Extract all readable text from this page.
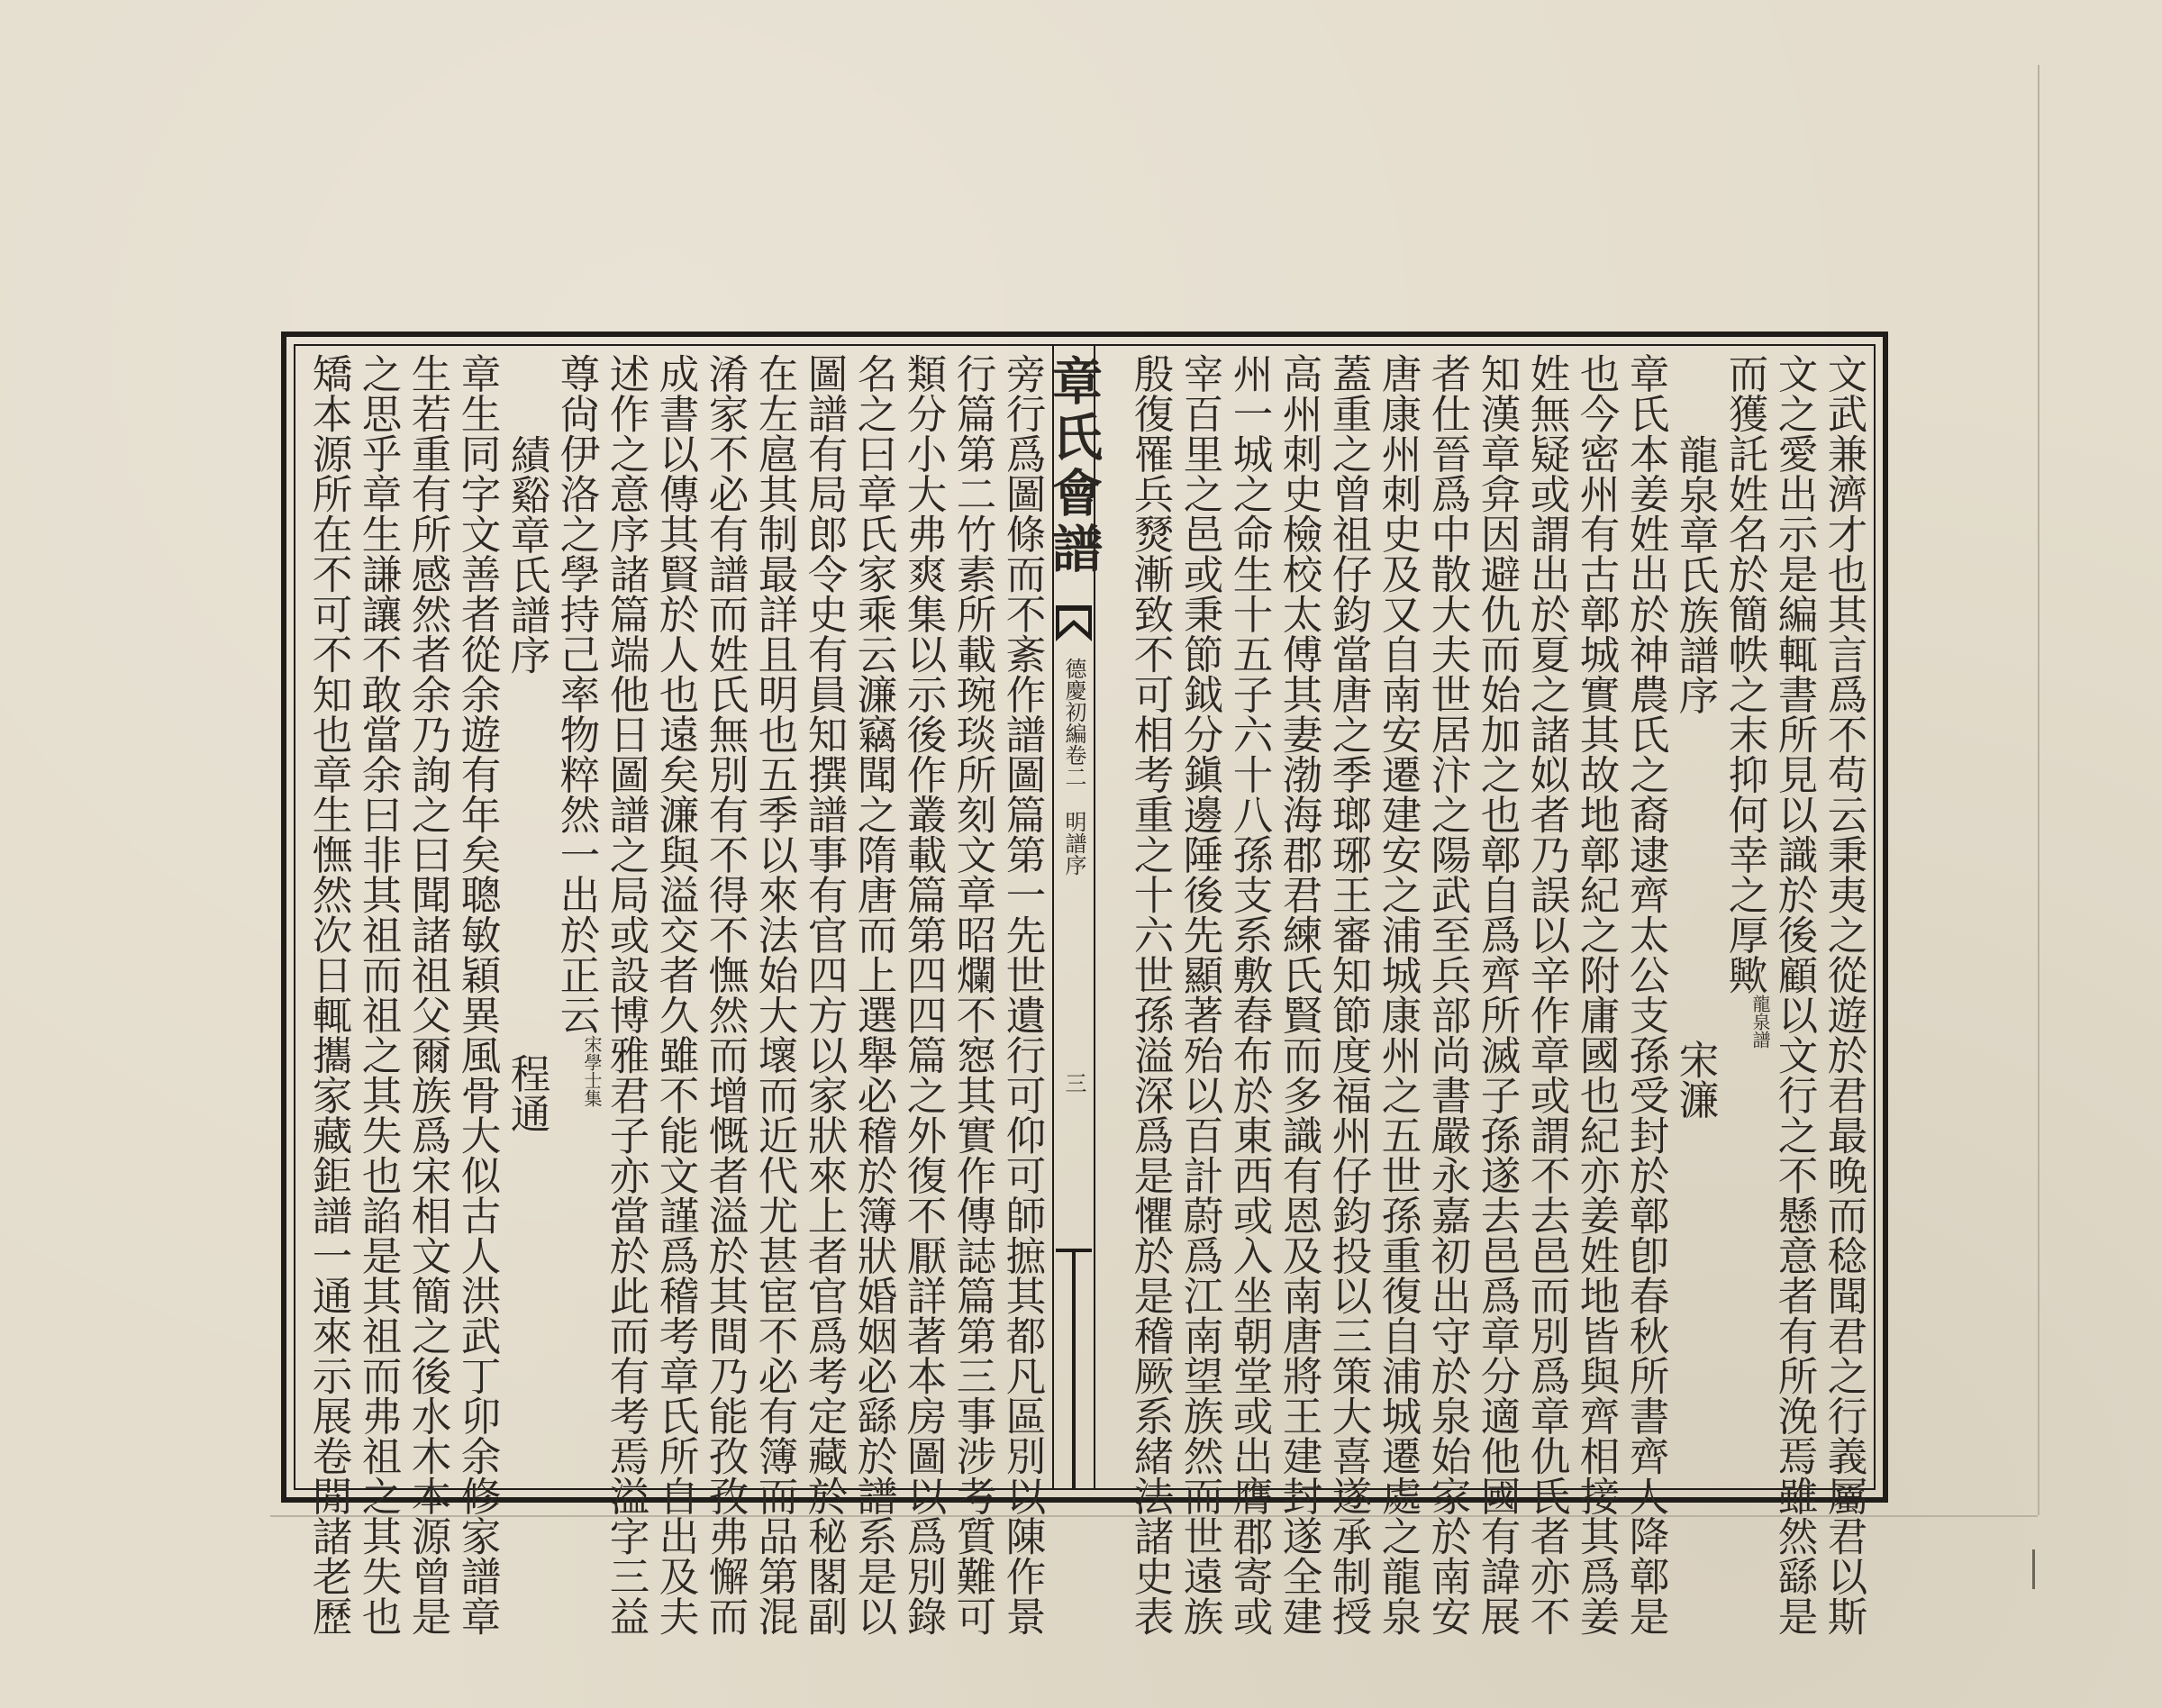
章氏會譜
德慶初編卷二明譜序
三	文武兼濟才也其言爲不苟云秉夷之從遊於君最晚而稔聞君之行義屬君以斯
文之愛出示是編輒書所見以識於後顧以文行之不懸意者有所浼焉雖然繇是
而獲託姓名於簡帙之末抑何幸之厚歟龍泉譜
龍泉章氏族譜序宋濂
章氏本姜姓出於神農氏之裔逮齊太公支孫受封於鄣卽春秋所書齊人降鄣是
也今密州有古鄣城實其故地鄣紀之附庸國也紀亦姜姓地皆與齊相接其爲姜
姓無疑或謂出於夏之諸姒者乃誤以辛作章或謂不去邑而別爲章仇氏者亦不
知漢章弇因避仇而始加之也鄣自爲齊所滅子孫遂去邑爲章分適他國有諱展
者仕晉爲中散大夫世居汴之陽武至兵部尚書嚴永嘉初出守於泉始家於南安
唐康州刺史及又自南安遷建安之浦城康州之五世孫重復自浦城遷處之龍泉
蓋重之曾祖仔鈞當唐之季瑯琊王審知節度福州仔鈞投以三策大喜遂承制授
高州刺史檢校太傅其妻渤海郡君練氏賢而多識有恩及南唐將王建封遂全建
州一城之命生十五子六十八孫支系敷舂布於東西或入坐朝堂或出膺郡寄或
宰百里之邑或秉節鉞分鎭邊陲後先顯著殆以百計蔚爲江南望族然而世遠族
殷復罹兵燹漸致不可相考重之十六世孫溢深爲是懼於是稽厥系緒法諸史表
旁行爲圖條而不紊作譜圖篇第一先世遺行可仰可師摭其都凡區別以陳作景
行篇第二竹素所載琬琰所刻文章昭爛不惌其實作傳誌篇第三事涉考質難可
類分小大弗爽集以示後作叢載篇第四四篇之外復不厭詳著本房圖以爲別錄
名之曰章氏家乘云濂竊聞之隋唐而上選舉必稽於簿狀婚姻必繇於譜系是以
圖譜有局郎令史有員知撰譜事有官四方以家狀來上者官爲考定藏於秘閣副
在左扈其制最詳且明也五季以來法始大壞而近代尤甚宦不必有簿而品第混
淆家不必有譜而姓氏無別有不得不憮然而增慨者溢於其間乃能孜孜弗懈而
成書以傳其賢於人也遠矣濂與溢交者久雖不能文謹爲稽考章氏所自出及夫
述作之意序諸篇端他日圖譜之局或設博雅君子亦當於此而有考焉溢字三益
尊尙伊洛之學持己率物粹然一出於正云宋學士集
績谿章氏譜序程通
章生同字文善者從余遊有年矣聰敏穎異風骨大似古人洪武丁卯余修家譜章
生若重有所感然者余乃詢之曰聞諸祖父爾族爲宋相文簡之後水木本源曾是
之思乎章生謙讓不敢當余曰非其祖而祖之其失也諂是其祖而弗祖之其失也
矯本源所在不可不知也章生憮然次日輒攜家藏鉅譜一通來示展卷閒諸老歷
